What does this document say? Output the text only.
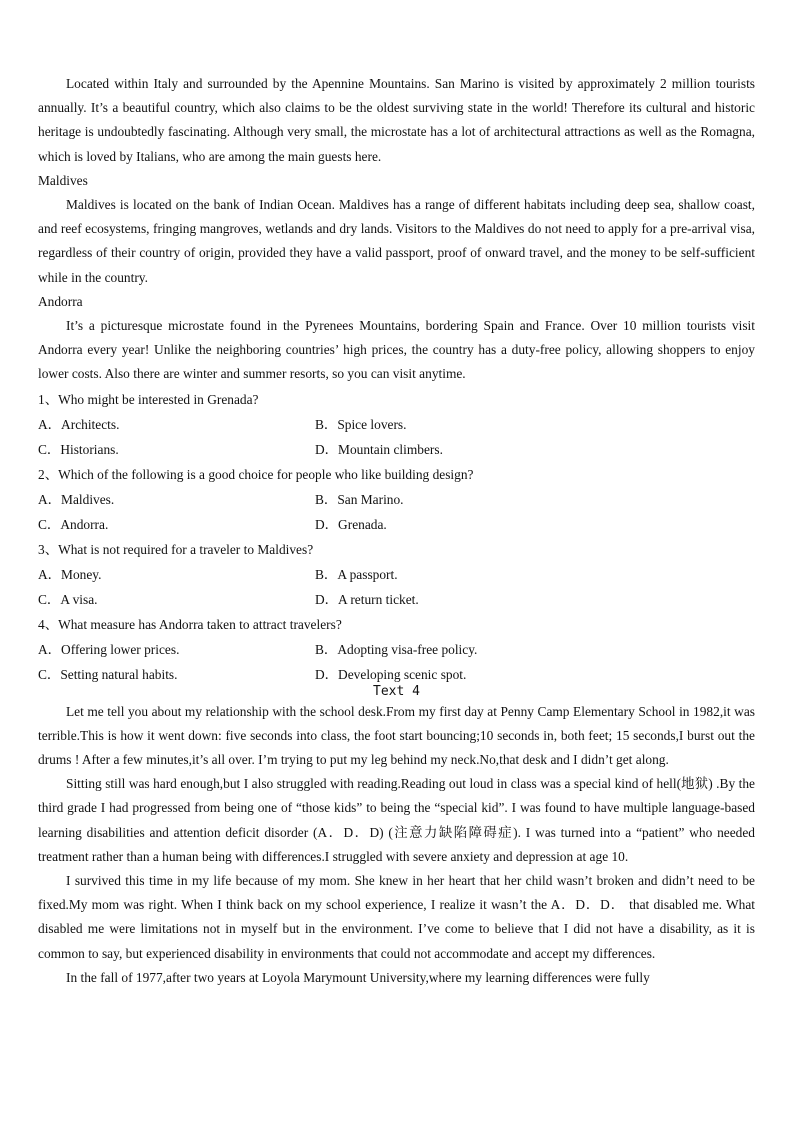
Located within Italy and surrounded by the Apennine Mountains. San Marino is visited by approximately 2 million tourists annually. It’s a beautiful country, which also claims to be the oldest surviving state in the world! Therefore its cultural and historic heritage is undoubtedly fascinating. Although very small, the microstate has a lot of architectural attractions as well as the Romagna, which is loved by Italians, who are among the main guests here.

Maldives

Maldives is located on the bank of Indian Ocean. Maldives has a range of different habitats including deep sea, shallow coast, and reef ecosystems, fringing mangroves, wetlands and dry lands. Visitors to the Maldives do not need to apply for a pre-arrival visa, regardless of their country of origin, provided they have a valid passport, proof of onward travel, and the money to be self-sufficient while in the country.

Andorra

It’s a picturesque microstate found in the Pyrenees Mountains, bordering Spain and France. Over 10 million tourists visit Andorra every year! Unlike the neighboring countries’ high prices, the country has a duty-free policy, allowing shoppers to enjoy lower costs. Also there are winter and summer resorts, so you can visit anytime.

1、Who might be interested in Grenada?

A．Architects.	B．Spice lovers.
C．Historians.	D．Mountain climbers.

2、Which of the following is a good choice for people who like building design?

A．Maldives.	B．San Marino.
C．Andorra.	D．Grenada.

3、What is not required for a traveler to Maldives?

A．Money.	B．A passport.
C．A visa.	D．A return ticket.

4、What measure has Andorra taken to attract travelers?

A．Offering lower prices.	B．Adopting visa-free policy.
C．Setting natural habits.	D．Developing scenic spot.
Text 4

Let me tell you about my relationship with the school desk.From my first day at Penny Camp Elementary School in 1982,it was terrible.This is how it went down: five seconds into class, the foot start bouncing;10 seconds in, both feet; 15 seconds,I burst out the drums ! After a few minutes,it’s all over. I’m trying to put my leg behind my neck.No,that desk and I didn’t get along.

Sitting still was hard enough,but I also struggled with reading.Reading out loud in class was a special kind of hell(地狱) .By the third grade I had progressed from being one of “those kids” to being the “special kid”. I was found to have multiple language-based learning disabilities and attention deficit disorder (A．D．D) (注意力缺陷障碍症). I was turned into a “patient” who needed treatment rather than a human being with differences.I struggled with severe anxiety and depression at age 10.

I survived this time in my life because of my mom. She knew in her heart that her child wasn’t broken and didn’t need to be fixed.My mom was right. When I think back on my school experience, I realize it wasn’t the A．D．D． that disabled me. What disabled me were limitations not in myself but in the environment. I’ve come to believe that I did not have a disability, as it is common to say, but experienced disability in environments that could not accommodate and accept my differences.

In the fall of 1977,after two years at Loyola Marymount University,where my learning differences were fully
